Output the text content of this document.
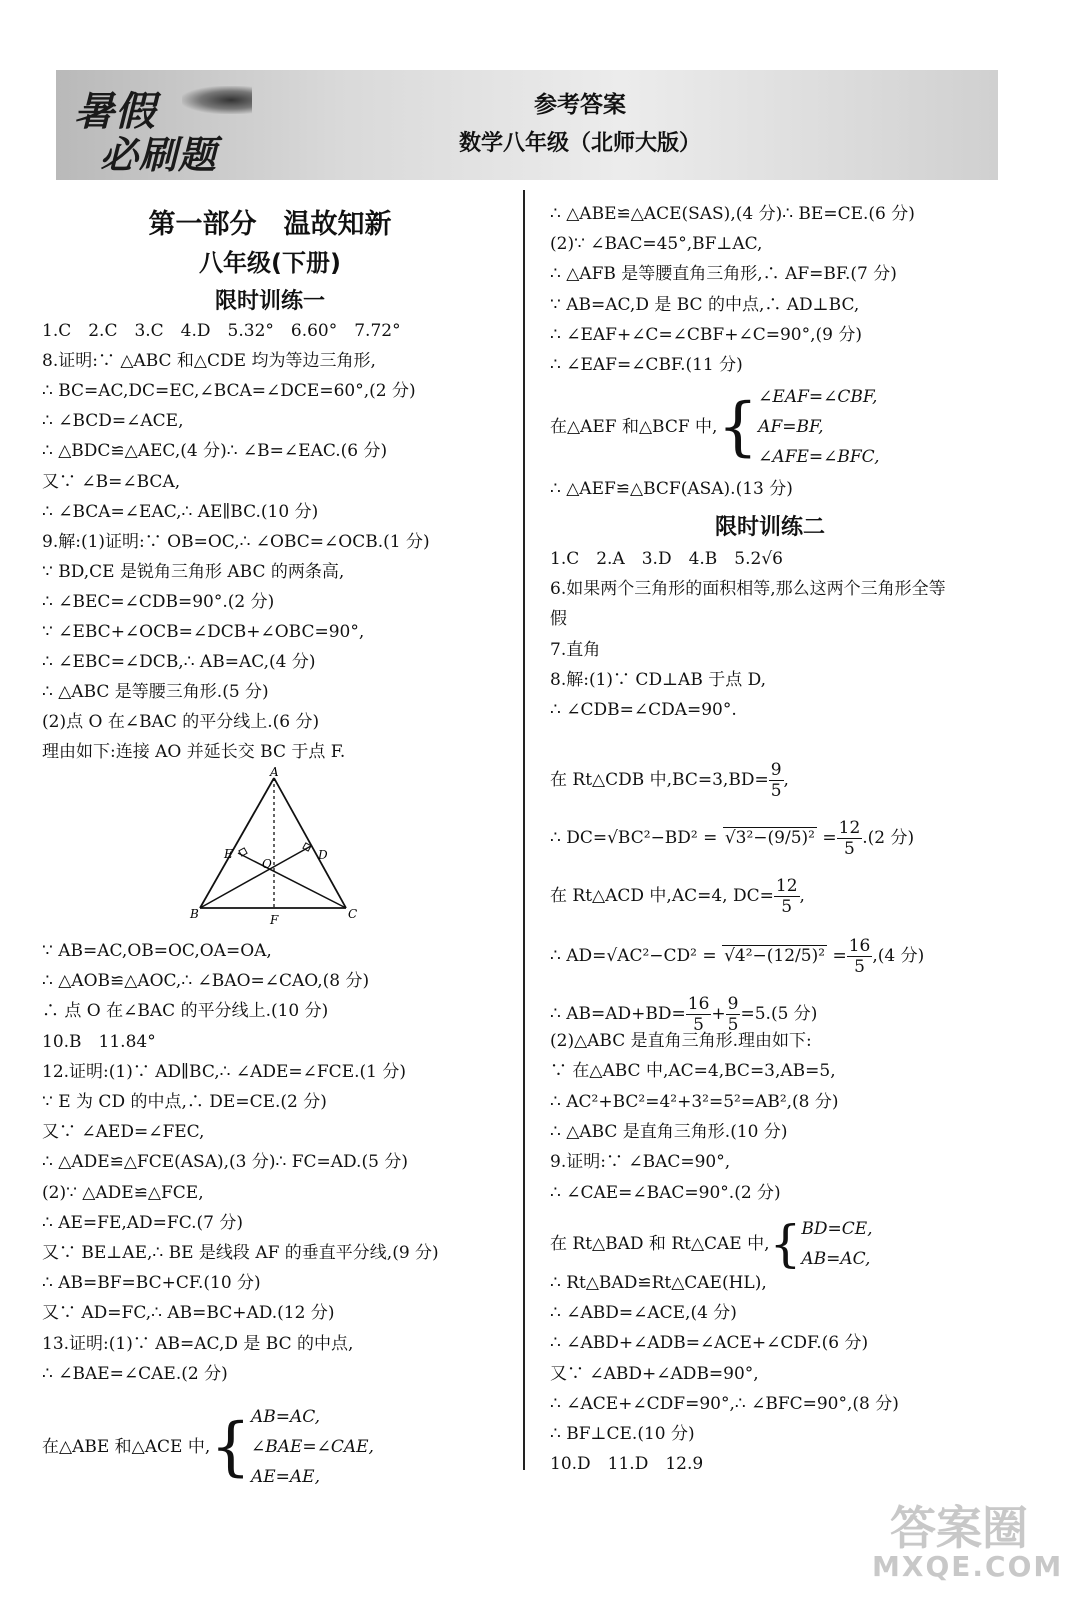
暑假
必刷题
参考答案
数学八年级（北师大版）
第一部分　温故知新
八年级(下册)
限时训练一
1.C　2.C　3.C　4.D　5.32°　6.60°　7.72°
8.证明:∵ △ABC 和△CDE 均为等边三角形,
∴ BC=AC,DC=EC,∠BCA=∠DCE=60°,(2 分)
∴ ∠BCD=∠ACE,
∴ △BDC≌△AEC,(4 分)∴ ∠B=∠EAC.(6 分)
又∵ ∠B=∠BCA,
∴ ∠BCA=∠EAC,∴ AE∥BC.(10 分)
9.解:(1)证明:∵ OB=OC,∴ ∠OBC=∠OCB.(1 分)
∵ BD,CE 是锐角三角形 ABC 的两条高,
∴ ∠BEC=∠CDB=90°.(2 分)
∵ ∠EBC+∠OCB=∠DCB+∠OBC=90°,
∴ ∠EBC=∠DCB,∴ AB=AC,(4 分)
∴ △ABC 是等腰三角形.(5 分)
(2)点 O 在∠BAC 的平分线上.(6 分)
理由如下:连接 AO 并延长交 BC 于点 F.
A
E
O
D
B	F	C
∵ AB=AC,OB=OC,OA=OA,
∴ △AOB≌△AOC,∴ ∠BAO=∠CAO,(8 分)
∴ 点 O 在∠BAC 的平分线上.(10 分)
10.B　11.84°
12.证明:(1)∵ AD∥BC,∴ ∠ADE=∠FCE.(1 分)
∵ E 为 CD 的中点,∴ DE=CE.(2 分)
又∵ ∠AED=∠FEC,
∴ △ADE≌△FCE(ASA),(3 分)∴ FC=AD.(5 分)
(2)∵ △ADE≌△FCE,
∴ AE=FE,AD=FC.(7 分)
又∵ BE⊥AE,∴ BE 是线段 AF 的垂直平分线,(9 分)
∴ AB=BF=BC+CF.(10 分)
又∵ AD=FC,∴ AB=BC+AD.(12 分)
13.证明:(1)∵ AB=AC,D 是 BC 的中点,
∴ ∠BAE=∠CAE.(2 分)
在△ABE 和△ACE 中,{ AB=AC,
∠BAE=∠CAE,
AE=AE,
∴ △ABE≌△ACE(SAS),(4 分)∴ BE=CE.(6 分)
(2)∵ ∠BAC=45°,BF⊥AC,
∴ △AFB 是等腰直角三角形,∴ AF=BF.(7 分)
∵ AB=AC,D 是 BC 的中点,∴ AD⊥BC,
∴ ∠EAF+∠C=∠CBF+∠C=90°,(9 分)
∴ ∠EAF=∠CBF.(11 分)
在△AEF 和△BCF 中,{ ∠EAF=∠CBF,
AF=BF,
∠AFE=∠BFC,
∴ △AEF≌△BCF(ASA).(13 分)
限时训练二
1.C　2.A　3.D　4.B　5.2√6
6.如果两个三角形的面积相等,那么这两个三角形全等
假
7.直角
8.解:(1)∵ CD⊥AB 于点 D,
∴ ∠CDB=∠CDA=90°.
在 Rt△CDB 中$,BC=3,BD= \frac{9}{5}$ ,
∴ $DC=√BC^2-BD^2 = √3^2-(9/5)^2 = \frac{12}{5} .(2$ 分)
在 Rt△ACD 中,AC=4, $DC= \frac{12}{5}$ ,
∴ $AD=√AC^2-CD^2 = √4^2-(12/5)^2 = \frac{16}{5} ,(4$ 分)
∴ $AB=AD+BD= \frac{16}{5} + \frac{9}{5} =5.(5$ 分)
(2)△ABC 是直角三角形.理由如下:
∵ 在△ABC 中,AC=4,BC=3,AB=5,
∴ AC²+BC²=4²+3²=5²=AB²,(8 分)
∴ △ABC 是直角三角形.(10 分)
9.证明:∵ ∠BAC=90°,
∴ ∠CAE=∠BAC=90°.(2 分)
在 Rt△BAD 和 Rt△CAE 中,{ BD=CE,
AB=AC,
∴ Rt△BAD≌Rt△CAE(HL),
∴ ∠ABD=∠ACE,(4 分)
∴ ∠ABD+∠ADB=∠ACE+∠CDF.(6 分)
又∵ ∠ABD+∠ADB=90°,
∴ ∠ACE+∠CDF=90°,∴ ∠BFC=90°,(8 分)
∴ BF⊥CE.(10 分)
10.D　11.D　12.9
答案圈
MXQE.COM
